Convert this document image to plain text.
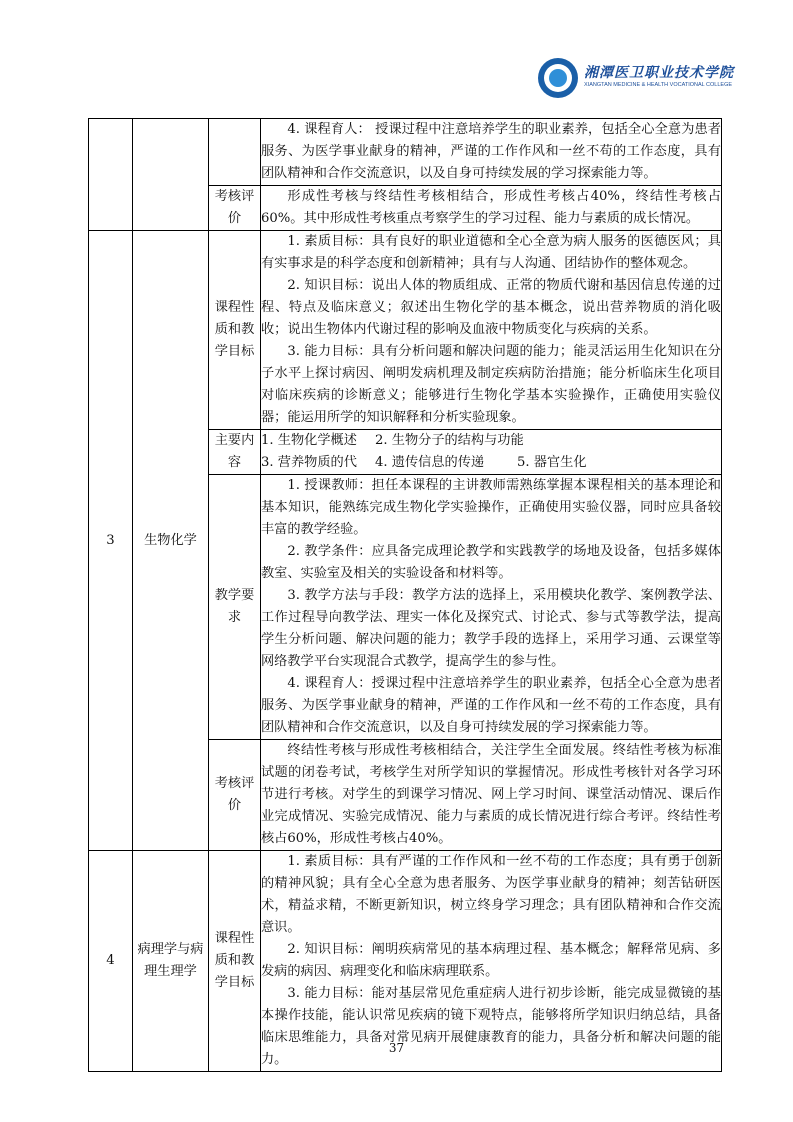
湘潭医卫职业技术学院
XIANGTAN MEDICINE & HEALTH VOCATIONAL COLLEGE

			4. 课程育人： 授课过程中注意培养学生的职业素养，包括全心全意为患者服务、为医学事业献身的精神，严谨的工作作风和一丝不苟的工作态度，具有团队精神和合作交流意识，以及自身可持续发展的学习探索能力等。

		考核评价	形成性考核与终结性考核相结合，形成性考核占40%，终结性考核占60%。其中形成性考核重点考察学生的学习过程、能力与素质的成长情况。

3	生物化学	课程性质和教学目标	1. 素质目标：具有良好的职业道德和全心全意为病人服务的医德医风；具有实事求是的科学态度和创新精神；具有与人沟通、团结协作的整体观念。

2. 知识目标：说出人体的物质组成、正常的物质代谢和基因信息传递的过程、特点及临床意义；叙述出生物化学的基本概念，说出营养物质的消化吸收；说出生物体内代谢过程的影响及血液中物质变化与疾病的关系。

3. 能力目标：具有分析问题和解决问题的能力；能灵活运用生化知识在分子水平上探讨病因、阐明发病机理及制定疾病防治措施；能分析临床生化项目对临床疾病的诊断意义；能够进行生物化学基本实验操作，正确使用实验仪器；能运用所学的知识解释和分析实验现象。

		主要内容	1. 生物化学概述 2. 生物分子的结构与功能
3. 营养物质的代 4. 遗传信息的传递 5. 器官生化

		教学要求	1. 授课教师：担任本课程的主讲教师需熟练掌握本课程相关的基本理论和基本知识，能熟练完成生物化学实验操作，正确使用实验仪器，同时应具备较丰富的教学经验。

2. 教学条件：应具备完成理论教学和实践教学的场地及设备，包括多媒体教室、实验室及相关的实验设备和材料等。

3. 教学方法与手段：教学方法的选择上，采用模块化教学、案例教学法、工作过程导向教学法、理实一体化及探究式、讨论式、参与式等教学法，提高学生分析问题、解决问题的能力；教学手段的选择上，采用学习通、云课堂等网络教学平台实现混合式教学，提高学生的参与性。

4. 课程育人：授课过程中注意培养学生的职业素养，包括全心全意为患者服务、为医学事业献身的精神，严谨的工作作风和一丝不苟的工作态度，具有团队精神和合作交流意识，以及自身可持续发展的学习探索能力等。

		考核评价	终结性考核与形成性考核相结合，关注学生全面发展。终结性考核为标准试题的闭卷考试，考核学生对所学知识的掌握情况。形成性考核针对各学习环节进行考核。对学生的到课学习情况、网上学习时间、课堂活动情况、课后作业完成情况、实验完成情况、能力与素质的成长情况进行综合考评。终结性考核占60%，形成性考核占40%。

4	病理学与病理生理学	课程性质和教学目标	1. 素质目标：具有严谨的工作作风和一丝不苟的工作态度；具有勇于创新的精神风貌；具有全心全意为患者服务、为医学事业献身的精神；刻苦钻研医术，精益求精，不断更新知识，树立终身学习理念；具有团队精神和合作交流意识。

2. 知识目标：阐明疾病常见的基本病理过程、基本概念；解释常见病、多发病的病因、病理变化和临床病理联系。

3. 能力目标：能对基层常见危重症病人进行初步诊断，能完成显微镜的基本操作技能，能认识常见疾病的镜下观特点，能够将所学知识归纳总结，具备临床思维能力，具备对常见病开展健康教育的能力，具备分析和解决问题的能力。

37
